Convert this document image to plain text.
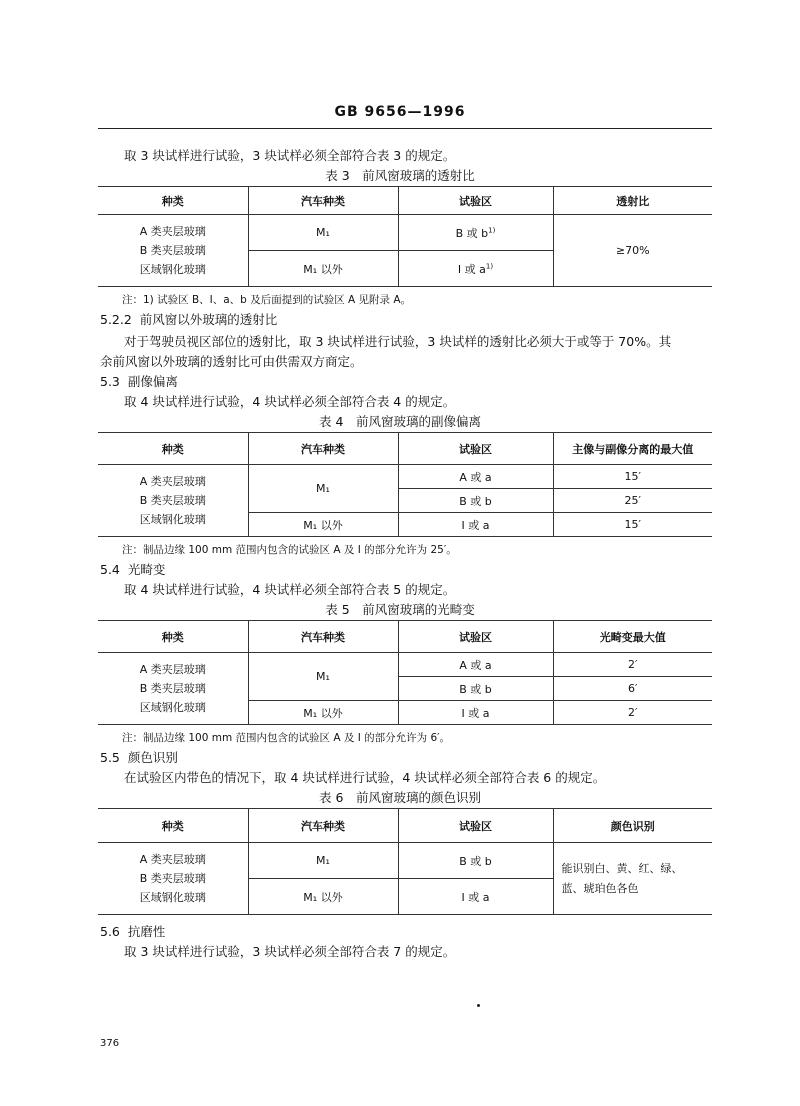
GB 9656—1996
取 3 块试样进行试验，3 块试样必须全部符合表 3 的规定。
表 3　前风窗玻璃的透射比
种类	汽车种类	试验区	透射比

A 类夹层玻璃
B 类夹层玻璃
区域钢化玻璃	M₁	B 或 $b^{1)}$	≥70%
	M₁ 以外	I 或 $a^{1)}$
注：1) 试验区 B、I、a、b 及后面提到的试验区 A 见附录 A。
5.2.2 前风窗以外玻璃的透射比
对于驾驶员视区部位的透射比，取 3 块试样进行试验，3 块试样的透射比必须大于或等于 70%。其
余前风窗以外玻璃的透射比可由供需双方商定。
5.3 副像偏离
取 4 块试样进行试验，4 块试样必须全部符合表 4 的规定。
表 4　前风窗玻璃的副像偏离
种类	汽车种类	试验区	主像与副像分离的最大值

A 类夹层玻璃
B 类夹层玻璃
区域钢化玻璃	M₁	A 或 a	15′
		B 或 b	25′
	M₁ 以外	I 或 a	15′
注：制品边缘 100 mm 范围内包含的试验区 A 及 I 的部分允许为 25′。
5.4 光畸变
取 4 块试样进行试验，4 块试样必须全部符合表 5 的规定。
表 5　前风窗玻璃的光畸变
种类	汽车种类	试验区	光畸变最大值

A 类夹层玻璃
B 类夹层玻璃
区域钢化玻璃	M₁	A 或 a	2′
		B 或 b	6′
	M₁ 以外	I 或 a	2′
注：制品边缘 100 mm 范围内包含的试验区 A 及 I 的部分允许为 6′。
5.5 颜色识别
在试验区内带色的情况下，取 4 块试样进行试验，4 块试样必须全部符合表 6 的规定。
表 6　前风窗玻璃的颜色识别
种类	汽车种类	试验区	颜色识别

A 类夹层玻璃
B 类夹层玻璃
区域钢化玻璃	M₁	B 或 b	能识别白、黄、红、绿、蓝、琥珀色各色
	M₁ 以外	I 或 a	
5.6 抗磨性
取 3 块试样进行试验，3 块试样必须全部符合表 7 的规定。
376
